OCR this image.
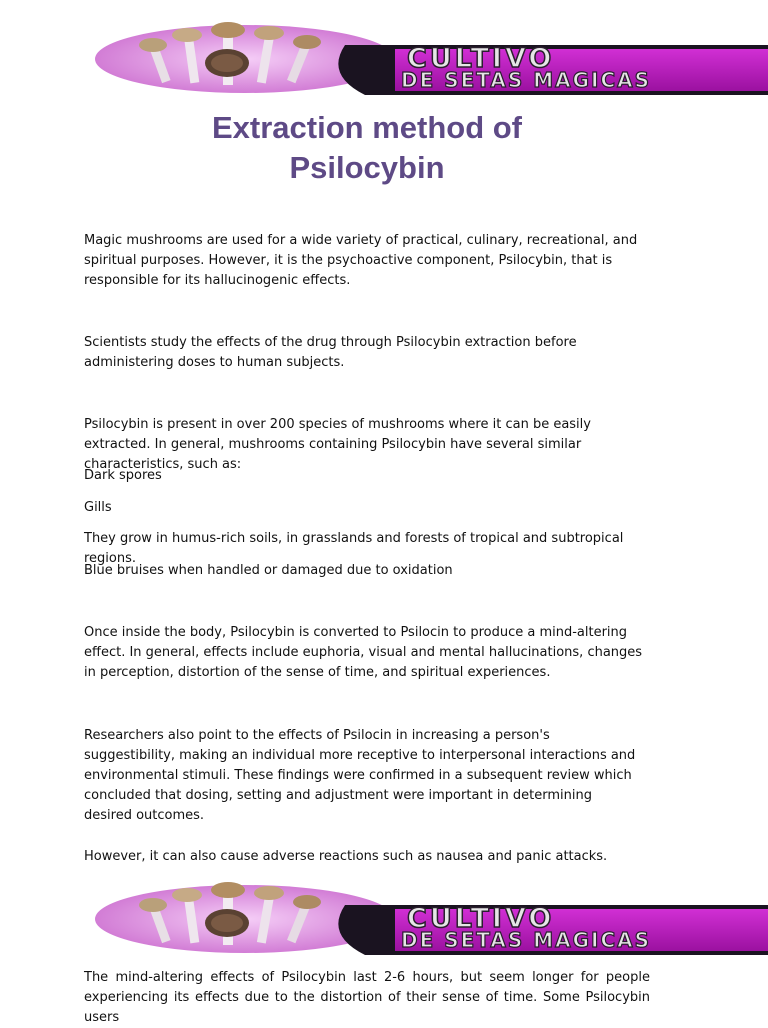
CULTIVO
DE SETAS MAGICAS
Extraction method of
Psilocybin

Magic mushrooms are used for a wide variety of practical, culinary, recreational, and spiritual purposes. However, it is the psychoactive component, Psilocybin, that is responsible for its hallucinogenic effects.

Scientists study the effects of the drug through Psilocybin extraction before administering doses to human subjects.

Psilocybin is present in over 200 species of mushrooms where it can be easily extracted. In general, mushrooms containing Psilocybin have several similar characteristics, such as:

Dark spores

Gills

They grow in humus-rich soils, in grasslands and forests of tropical and subtropical regions.

Blue bruises when handled or damaged due to oxidation

Once inside the body, Psilocybin is converted to Psilocin to produce a mind-altering effect. In general, effects include euphoria, visual and mental hallucinations, changes in perception, distortion of the sense of time, and spiritual experiences.

Researchers also point to the effects of Psilocin in increasing a person's suggestibility, making an individual more receptive to interpersonal interactions and environmental stimuli. These findings were confirmed in a subsequent review which concluded that dosing, setting and adjustment were important in determining desired outcomes.

However, it can also cause adverse reactions such as nausea and panic attacks.

CULTIVO
DE SETAS MAGICAS

The mind-altering effects of Psilocybin last 2-6 hours, but seem longer for people experiencing its effects due to the distortion of their sense of time. Some Psilocybin users
